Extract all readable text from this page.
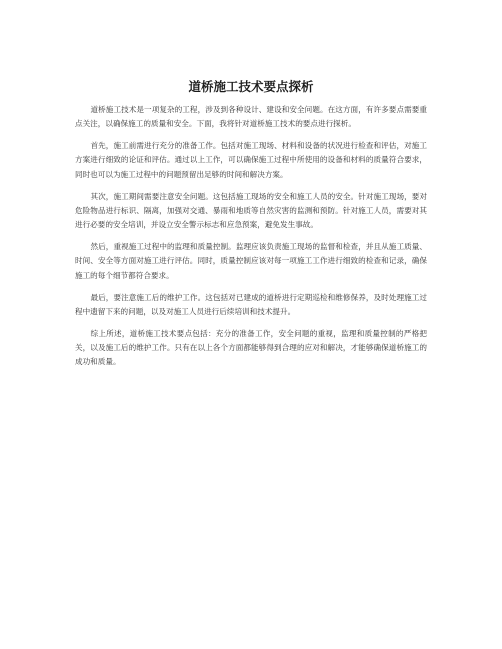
道桥施工技术要点探析

道桥施工技术是一项复杂的工程，涉及到各种设计、建设和安全问题。在这方面，有许多要点需要重点关注，以确保施工的质量和安全。下面，我将针对道桥施工技术的要点进行探析。

首先，施工前需进行充分的准备工作。包括对施工现场、材料和设备的状况进行检查和评估，对施工方案进行细致的论证和评估。通过以上工作，可以确保施工过程中所使用的设备和材料的质量符合要求，同时也可以为施工过程中的问题预留出足够的时间和解决方案。

其次，施工期间需要注意安全问题。这包括施工现场的安全和施工人员的安全。针对施工现场，要对危险物品进行标识、隔离，加强对交通、暴雨和地质等自然灾害的监测和预防。针对施工人员，需要对其进行必要的安全培训，并设立安全警示标志和应急预案，避免发生事故。

然后，重视施工过程中的监理和质量控制。监理应该负责施工现场的监督和检查，并且从施工质量、时间、安全等方面对施工进行评估。同时，质量控制应该对每一项施工工作进行细致的检查和记录，确保施工的每个细节都符合要求。

最后，要注意施工后的维护工作。这包括对已建成的道桥进行定期巡检和维修保养，及时处理施工过程中遗留下来的问题，以及对施工人员进行后续培训和技术提升。

综上所述，道桥施工技术要点包括：充分的准备工作，安全问题的重视，监理和质量控制的严格把关，以及施工后的维护工作。只有在以上各个方面都能够得到合理的应对和解决，才能够确保道桥施工的成功和质量。
